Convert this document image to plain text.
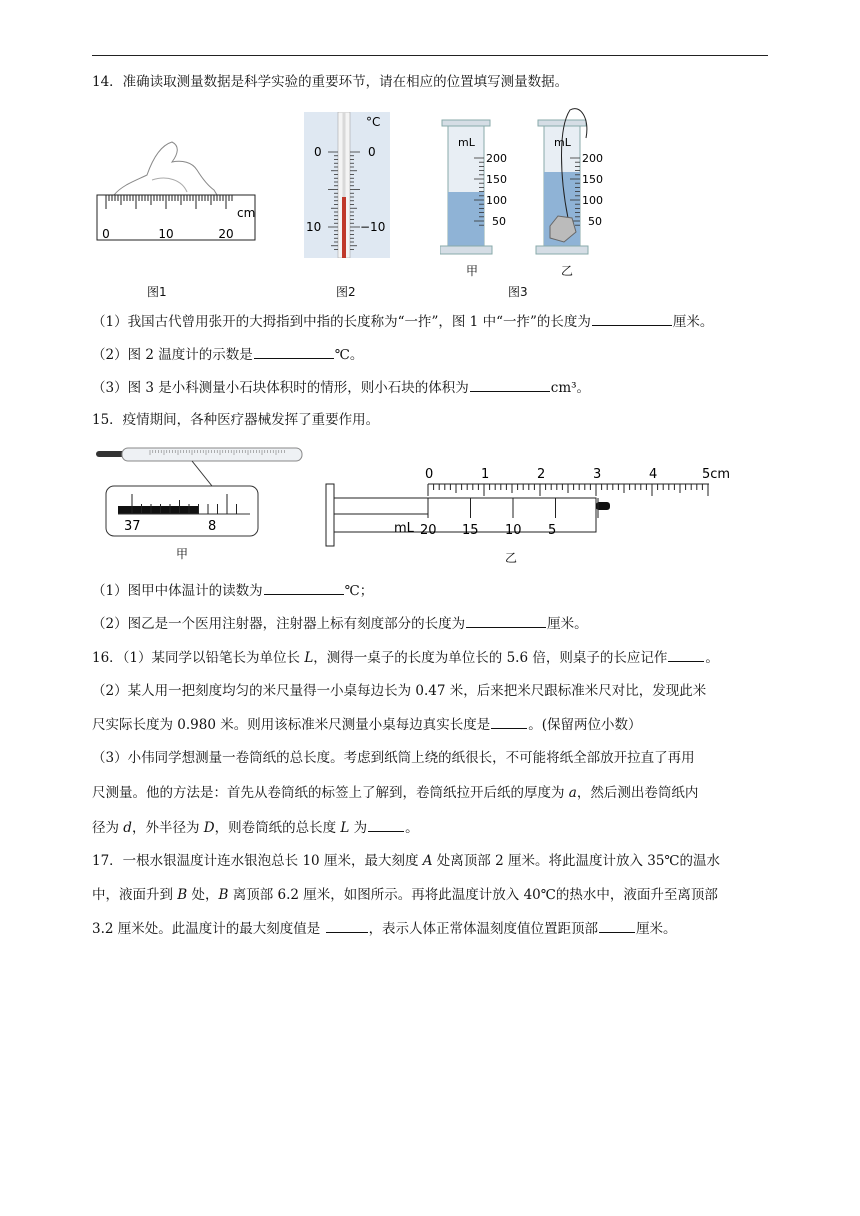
14．准确读取测量数据是科学实验的重要环节，请在相应的位置填写测量数据。
0	10	20
cm
图1
°C
0
10
0
−10
图2
mL
200
150
100
50
mL
200
150
100
50
甲	乙
图3
（1）我国古代曾用张开的大拇指到中指的长度称为“一拃”，图 1 中“一拃”的长度为	厘米。
（2）图 2 温度计的示数是	℃。
（3）图 3 是小科测量小石块体积时的情形，则小石块的体积为	cm³。
15．疫情期间，各种医疗器械发挥了重要作用。
37	8
甲
0	1	2	3	4	5cm
mL 20 15 10 5
乙
（1）图甲中体温计的读数为	℃；
（2）图乙是一个医用注射器，注射器上标有刻度部分的长度为	厘米。
16．（1）某同学以铅笔长为单位长 L，测得一桌子的长度为单位长的 5.6 倍，则桌子的长应记作	。
（2）某人用一把刻度均匀的米尺量得一小桌每边长为 0.47 米，后来把米尺跟标准米尺对比，发现此米
尺实际长度为 0.980 米。则用该标准米尺测量小桌每边真实长度是	。(保留两位小数）
（3）小伟同学想测量一卷筒纸的总长度。考虑到纸筒上绕的纸很长，不可能将纸全部放开拉直了再用
尺测量。他的方法是：首先从卷筒纸的标签上了解到，卷筒纸拉开后纸的厚度为 a，然后测出卷筒纸内
径为 d，外半径为 D，则卷筒纸的总长度 L 为	。
17．一根水银温度计连水银泡总长 10 厘米，最大刻度 A 处离顶部 2 厘米。将此温度计放入 35℃的温水
中，液面升到 B 处，B 离顶部 6.2 厘米，如图所示。再将此温度计放入 40℃的热水中，液面升至离顶部
3.2 厘米处。此温度计的最大刻度值是	，表示人体正常体温刻度值位置距顶部	厘米。
